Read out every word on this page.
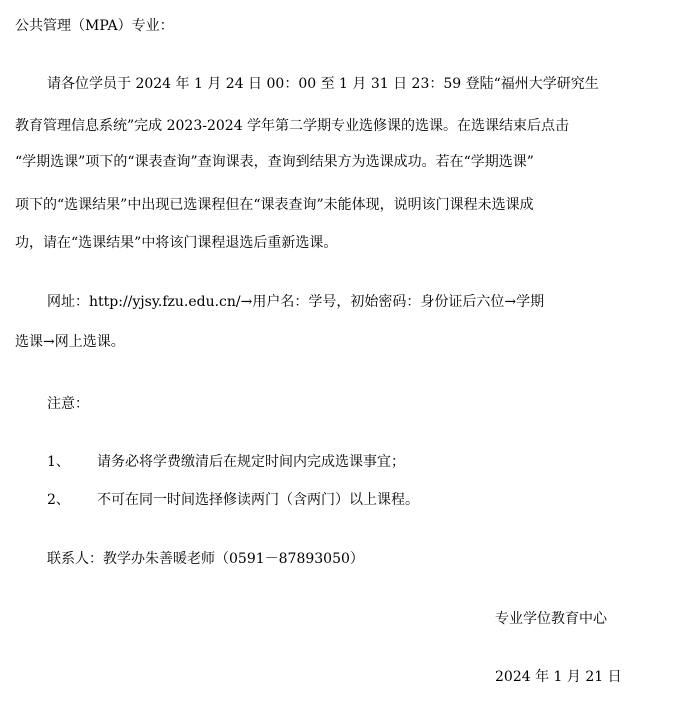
公共管理（MPA）专业：
请各位学员于 2024 年 1 月 24 日 00：00 至 1 月 31 日 23：59 登陆“福州大学研究生
教育管理信息系统”完成 2023-2024 学年第二学期专业选修课的选课。在选课结束后点击
“学期选课”项下的“课表查询”查询课表，查询到结果方为选课成功。若在“学期选课”
项下的“选课结果”中出现已选课程但在“课表查询”未能体现，说明该门课程未选课成
功，请在“选课结果”中将该门课程退选后重新选课。
网址：http://yjsy.fzu.edu.cn/→用户名：学号，初始密码：身份证后六位→学期
选课→网上选课。
注意：
1、 请务必将学费缴清后在规定时间内完成选课事宜；
2、 不可在同一时间选择修读两门（含两门）以上课程。
联系人：教学办朱善暖老师（0591－87893050）
专业学位教育中心
2024 年 1 月 21 日
